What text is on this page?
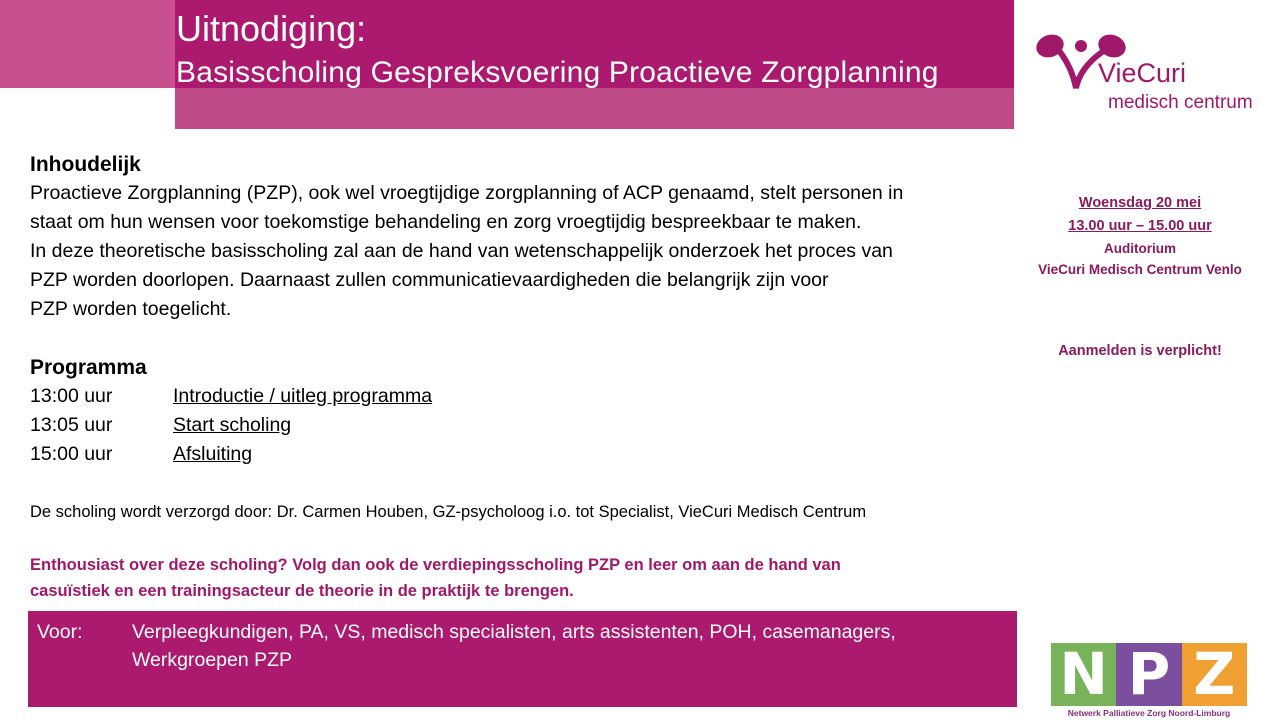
Uitnodiging:
Basisscholing Gespreksvoering Proactieve Zorgplanning	VieCuri
medisch centrum
Inhoudelijk
Proactieve Zorgplanning (PZP), ook wel vroegtijdige zorgplanning of ACP genaamd, stelt personen in
staat om hun wensen voor toekomstige behandeling en zorg vroegtijdig bespreekbaar te maken.
In deze theoretische basisscholing zal aan de hand van wetenschappelijk onderzoek het proces van
PZP worden doorlopen. Daarnaast zullen communicatievaardigheden die belangrijk zijn voor
PZP worden toegelicht.
Programma
13:00 uur	Introductie / uitleg programma
13:05 uur	Start scholing
15:00 uur	Afsluiting
De scholing wordt verzorgd door: Dr. Carmen Houben, GZ-psycholoog i.o. tot Specialist, VieCuri Medisch Centrum
Enthousiast over deze scholing? Volg dan ook de verdiepingsscholing PZP en leer om aan de hand van
casuïstiek en een trainingsacteur de theorie in de praktijk te brengen.
Voor:	Verpleegkundigen, PA, VS, medisch specialisten, arts assistenten, POH, casemanagers,
Werkgroepen PZP
Woensdag 20 mei
13.00 uur – 15.00 uur
Auditorium
VieCuri Medisch Centrum Venlo
Aanmelden is verplicht!
N P Z
Netwerk Palliatieve Zorg Noord-Limburg
